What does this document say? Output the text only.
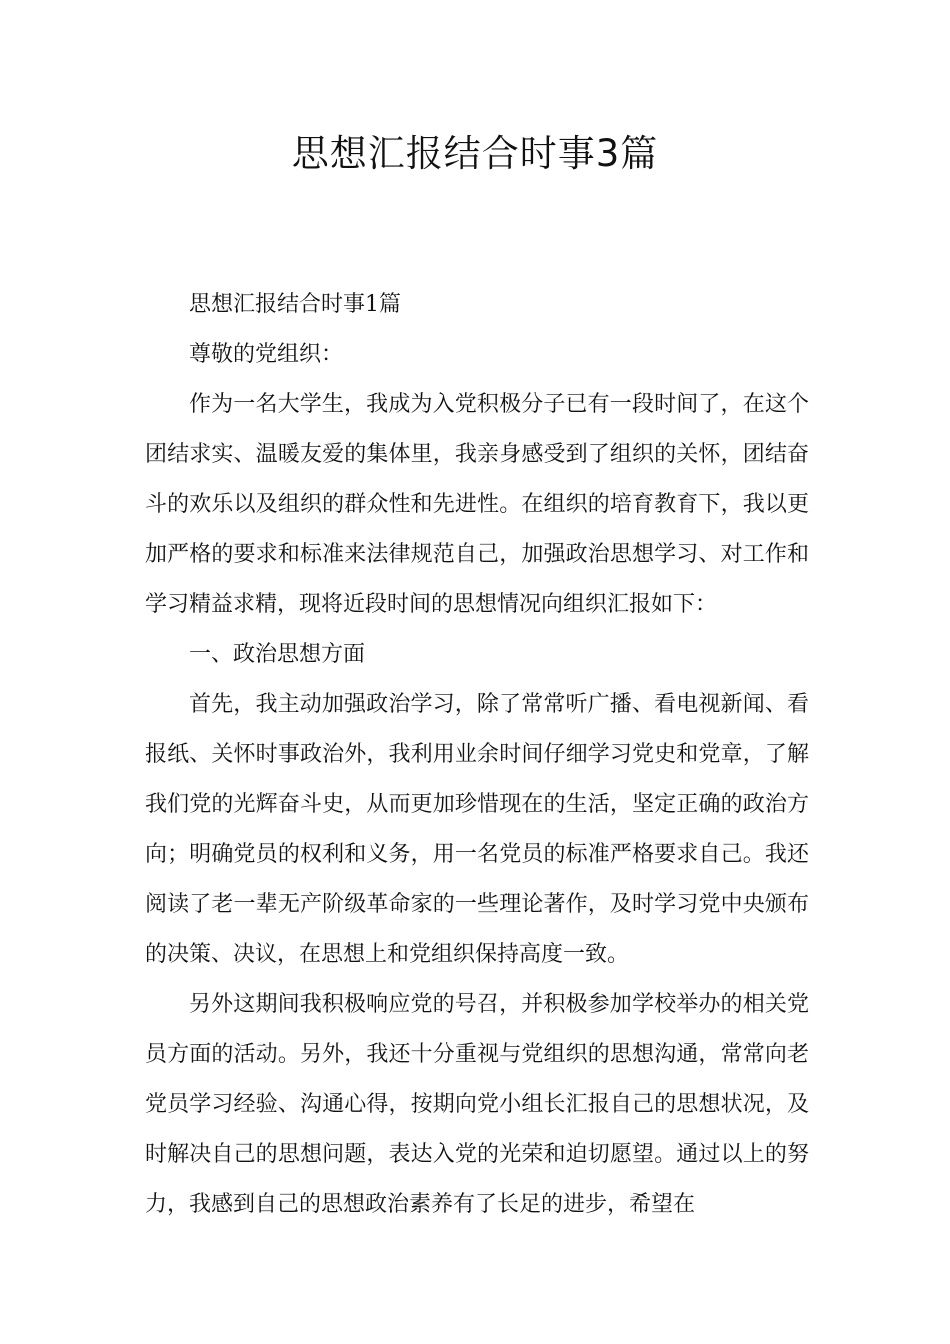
思想汇报结合时事3篇

思想汇报结合时事1篇

尊敬的党组织：

作为一名大学生，我成为入党积极分子已有一段时间了，在这个团结求实、温暖友爱的集体里，我亲身感受到了组织的关怀，团结奋斗的欢乐以及组织的群众性和先进性。在组织的培育教育下，我以更加严格的要求和标准来法律规范自己，加强政治思想学习、对工作和学习精益求精，现将近段时间的思想情况向组织汇报如下：

一、政治思想方面

首先，我主动加强政治学习，除了常常听广播、看电视新闻、看报纸、关怀时事政治外，我利用业余时间仔细学习党史和党章，了解我们党的光辉奋斗史，从而更加珍惜现在的生活，坚定正确的政治方向；明确党员的权利和义务，用一名党员的标准严格要求自己。我还阅读了老一辈无产阶级革命家的一些理论著作，及时学习党中央颁布的决策、决议，在思想上和党组织保持高度一致。

另外这期间我积极响应党的号召，并积极参加学校举办的相关党员方面的活动。另外，我还十分重视与党组织的思想沟通，常常向老党员学习经验、沟通心得，按期向党小组长汇报自己的思想状况，及时解决自己的思想问题，表达入党的光荣和迫切愿望。通过以上的努力，我感到自己的思想政治素养有了长足的进步，希望在
